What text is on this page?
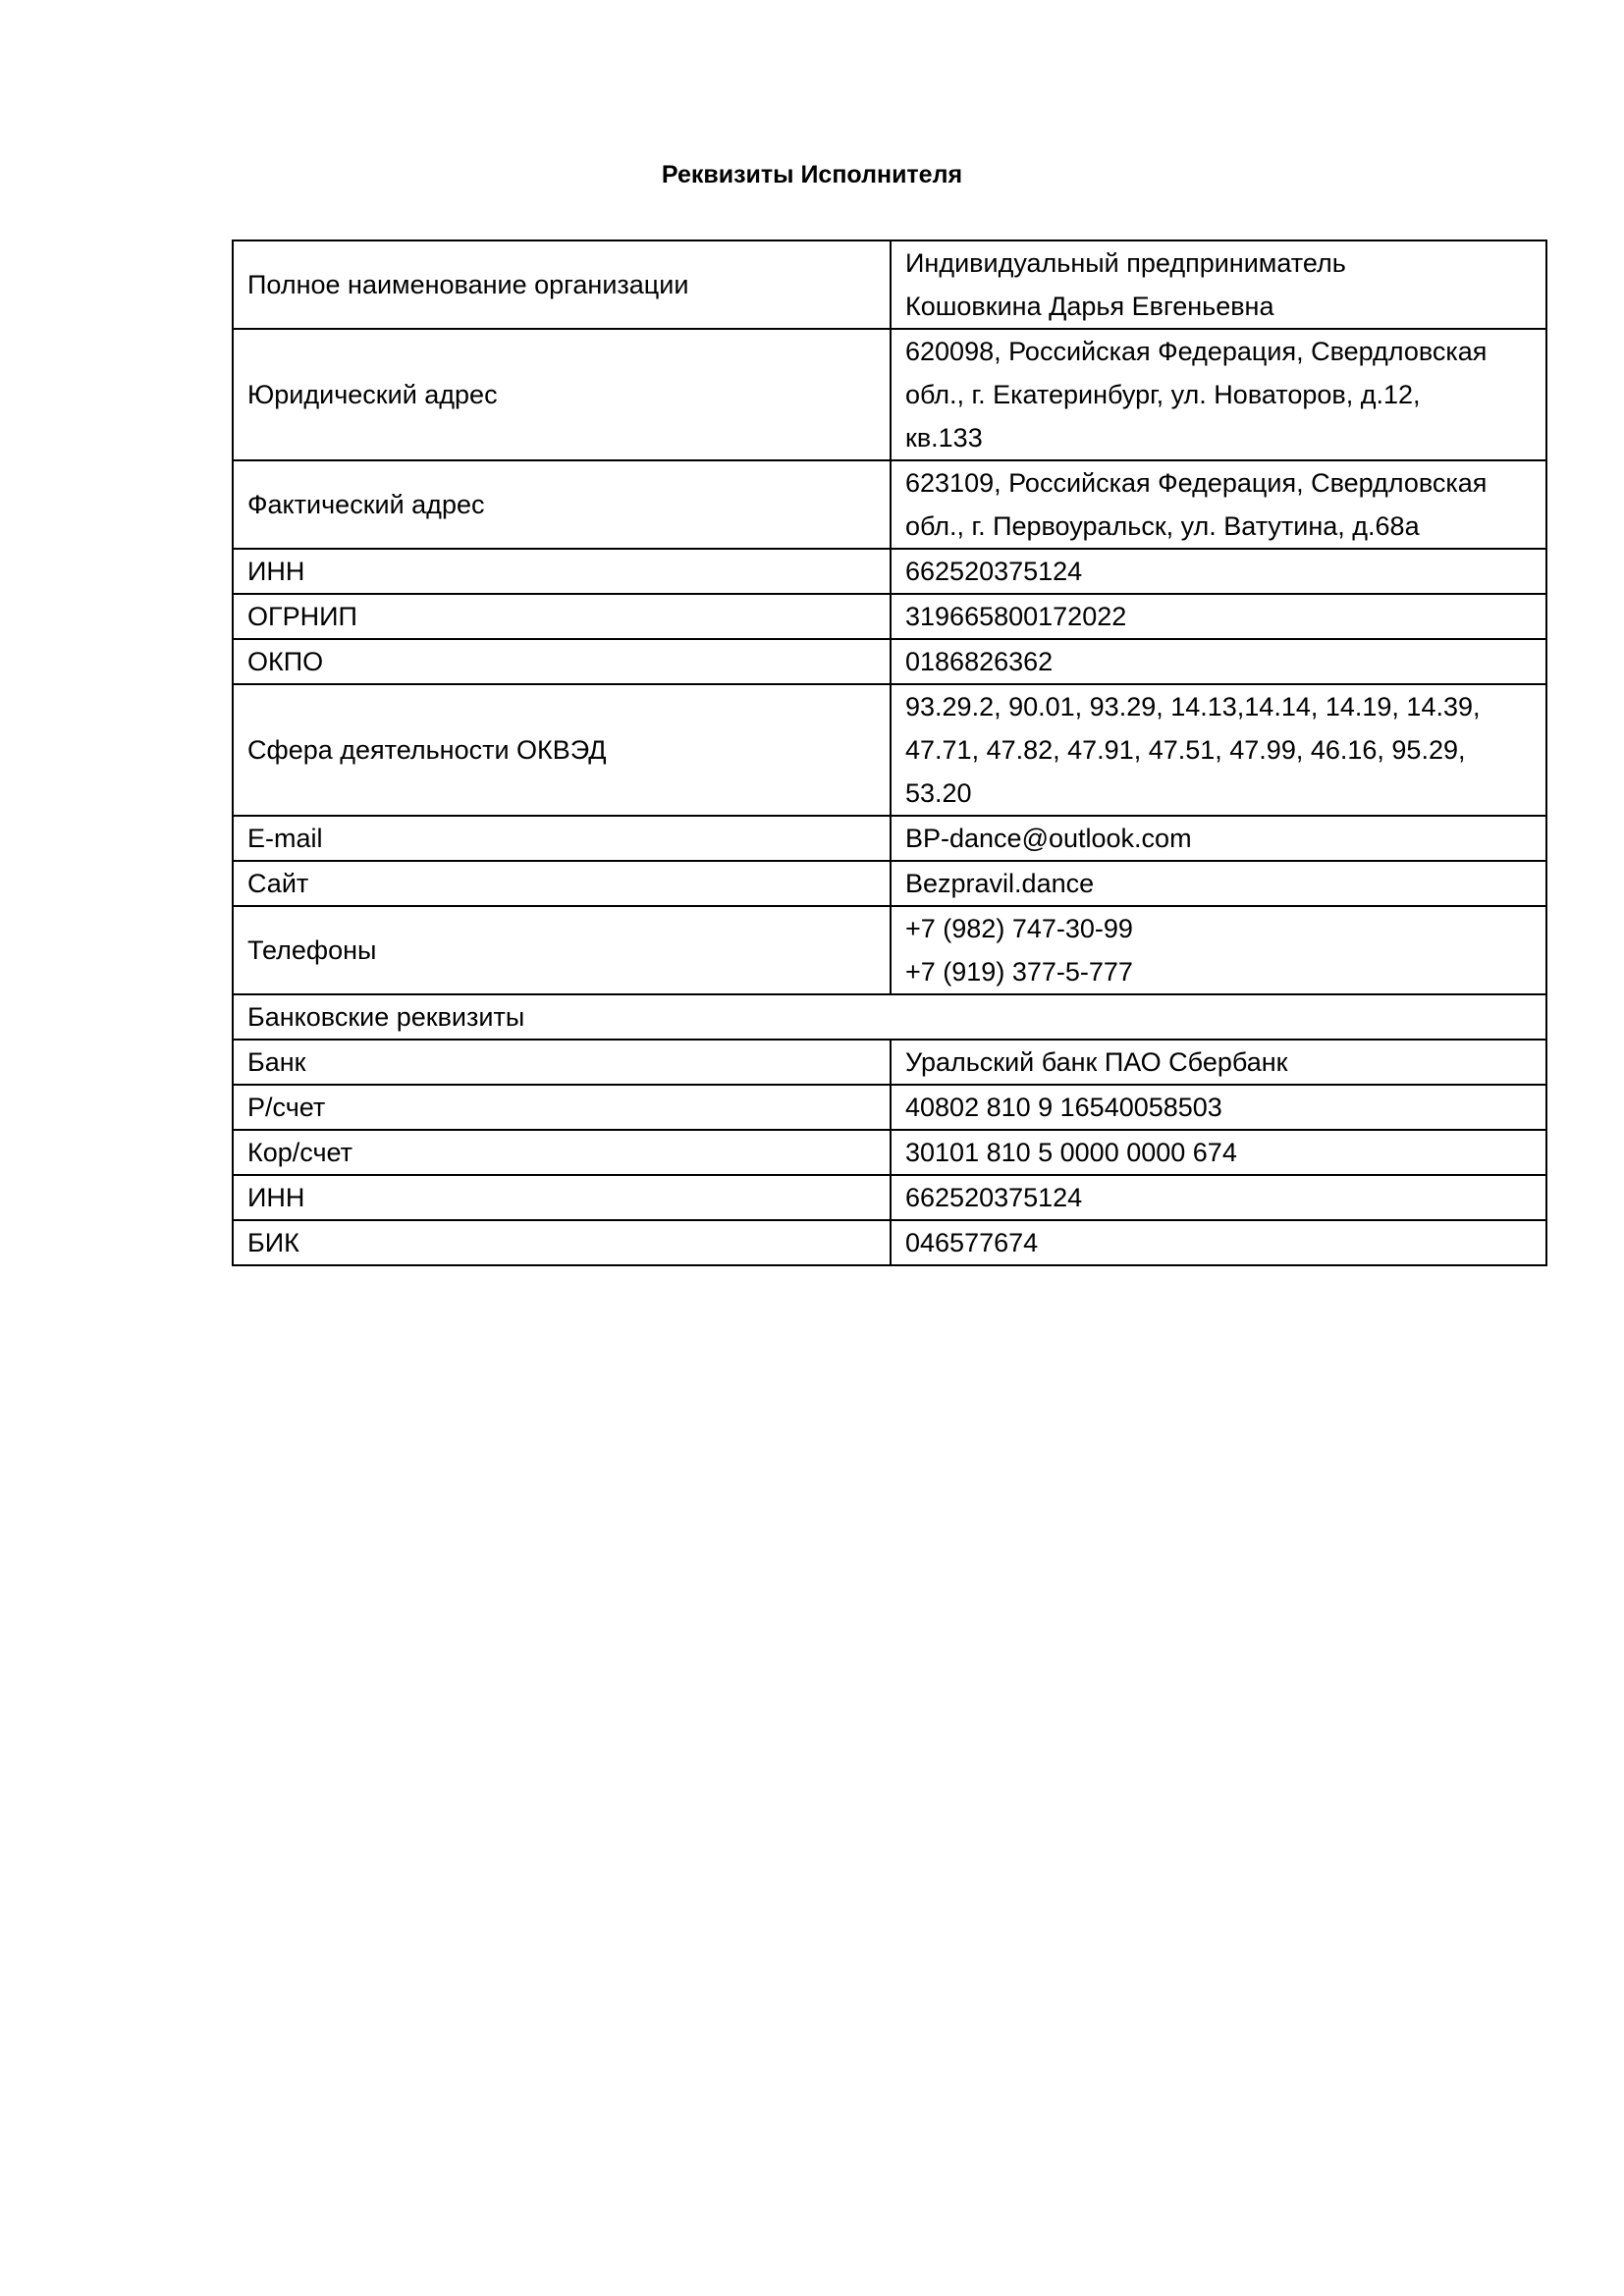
Реквизиты Исполнителя
Полное наименование организации	Индивидуальный предприниматель
Кошовкина Дарья Евгеньевна
Юридический адрес	620098, Российская Федерация, Свердловская
обл., г. Екатеринбург, ул. Новаторов, д.12,
кв.133
Фактический адрес	623109, Российская Федерация, Свердловская
обл., г. Первоуральск, ул. Ватутина, д.68а
ИНН	662520375124
ОГРНИП	319665800172022
ОКПО	0186826362
Сфера деятельности ОКВЭД	93.29.2, 90.01, 93.29, 14.13,14.14, 14.19, 14.39,
47.71, 47.82, 47.91, 47.51, 47.99, 46.16, 95.29,
53.20
E-mail	BP-dance@outlook.com
Сайт	Bezpravil.dance
Телефоны	+7 (982) 747-30-99
+7 (919) 377-5-777
Банковские реквизиты	
Банк	Уральский банк ПАО Сбербанк
Р/счет	40802 810 9 16540058503
Кор/счет	30101 810 5 0000 0000 674
ИНН	662520375124
БИК	046577674
